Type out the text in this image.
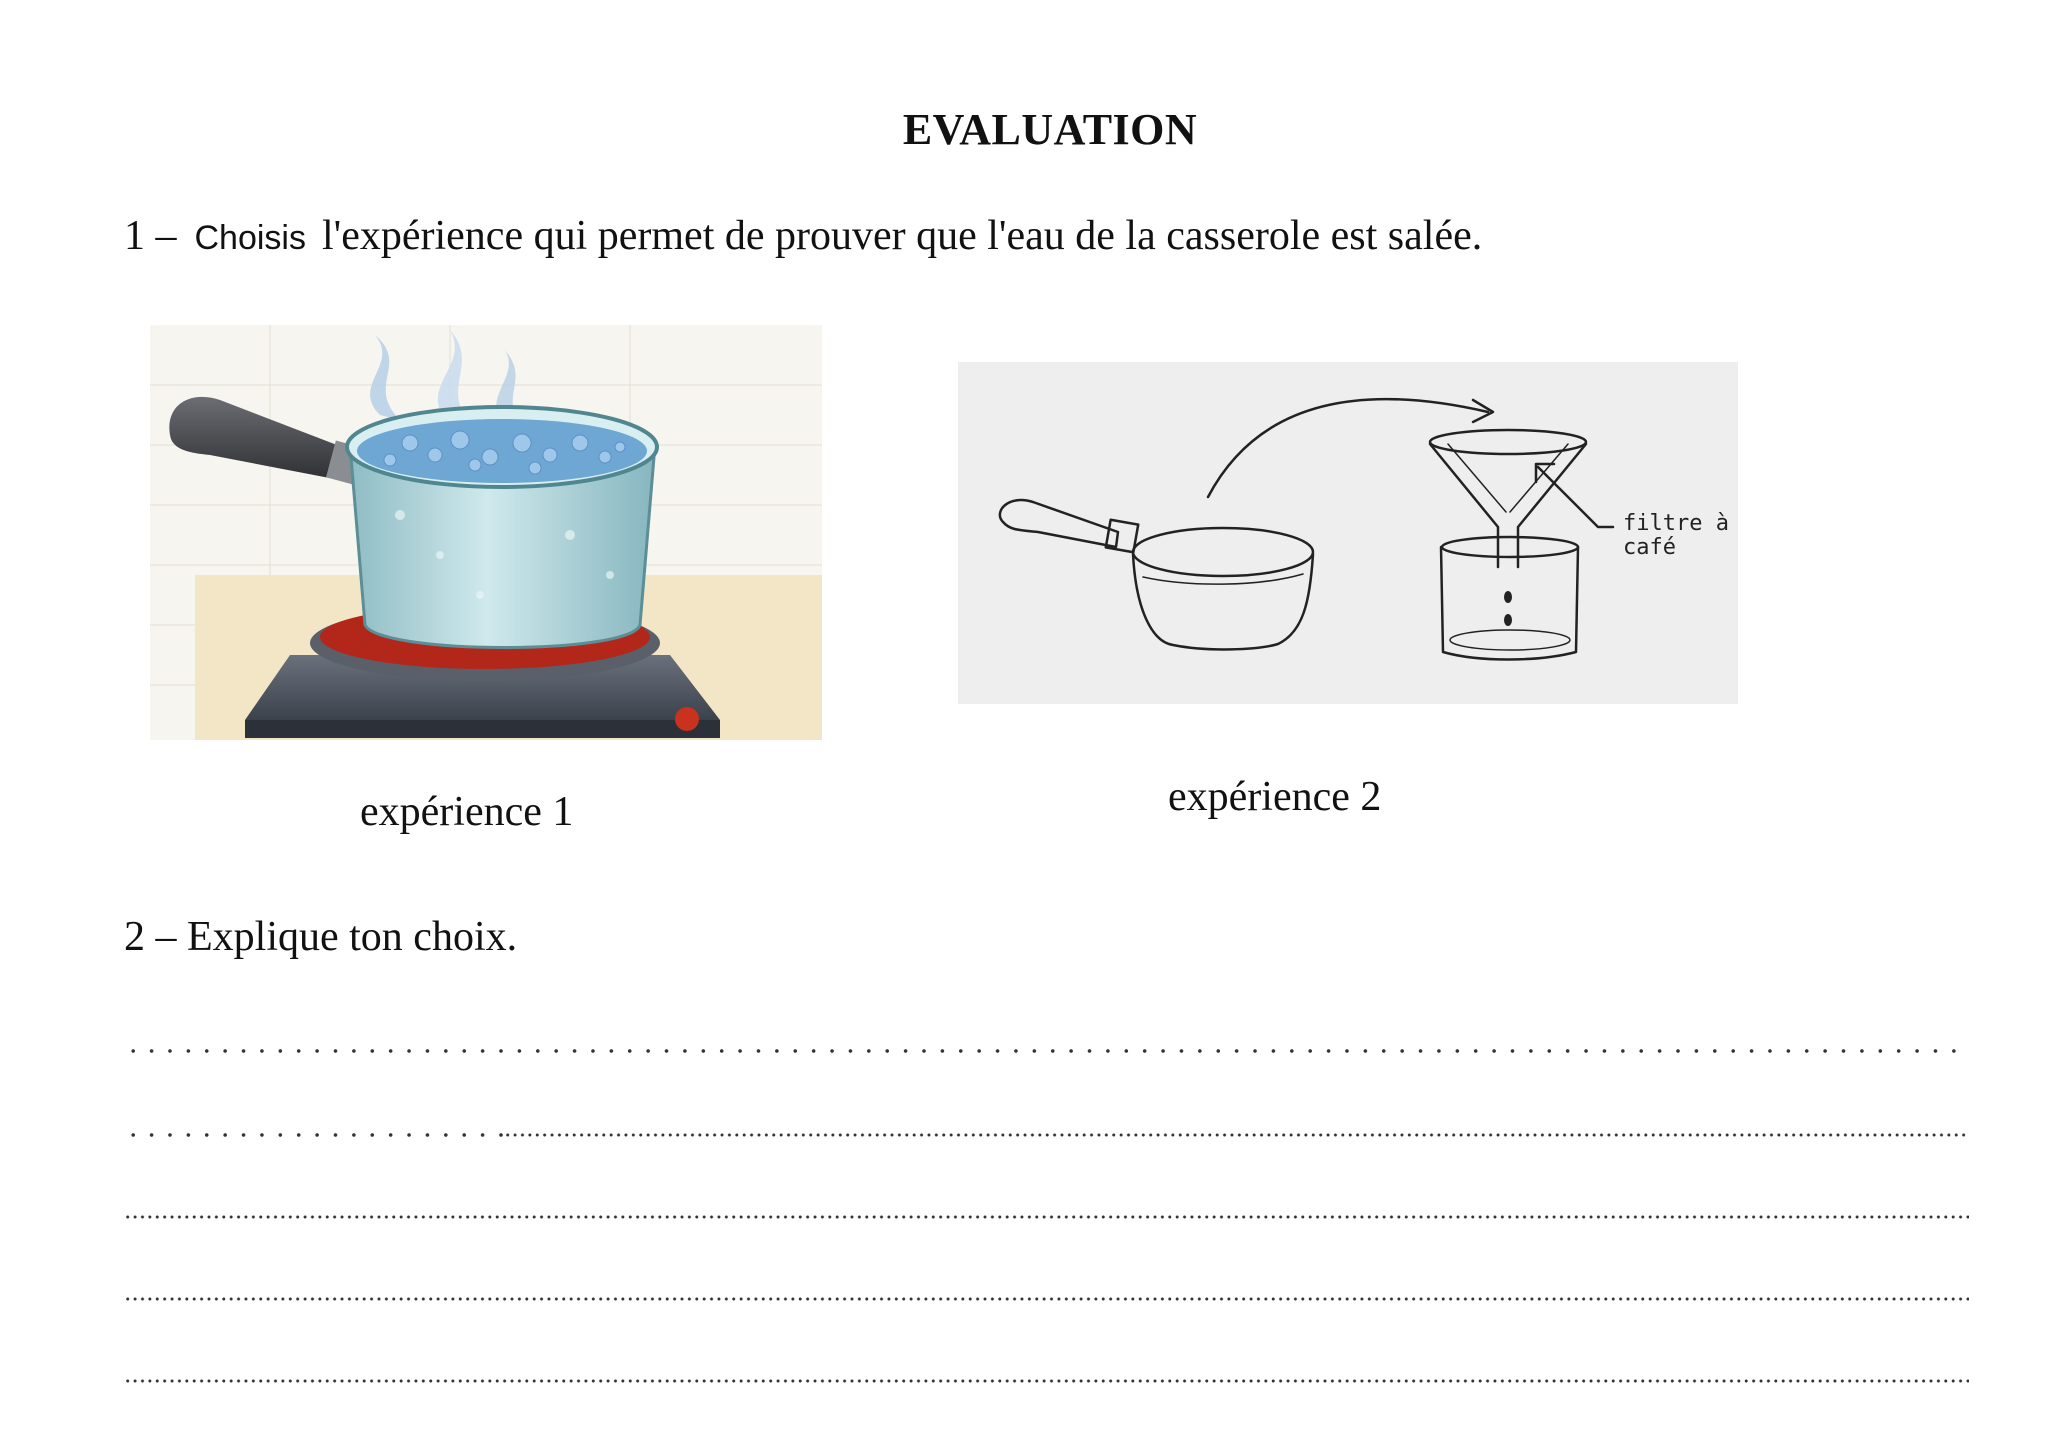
EVALUATION
1 – Choisis l'expérience qui permet de prouver que l'eau de la casserole est salée.
filtre à
café
expérience 1	expérience 2
2 – Explique ton choix.
